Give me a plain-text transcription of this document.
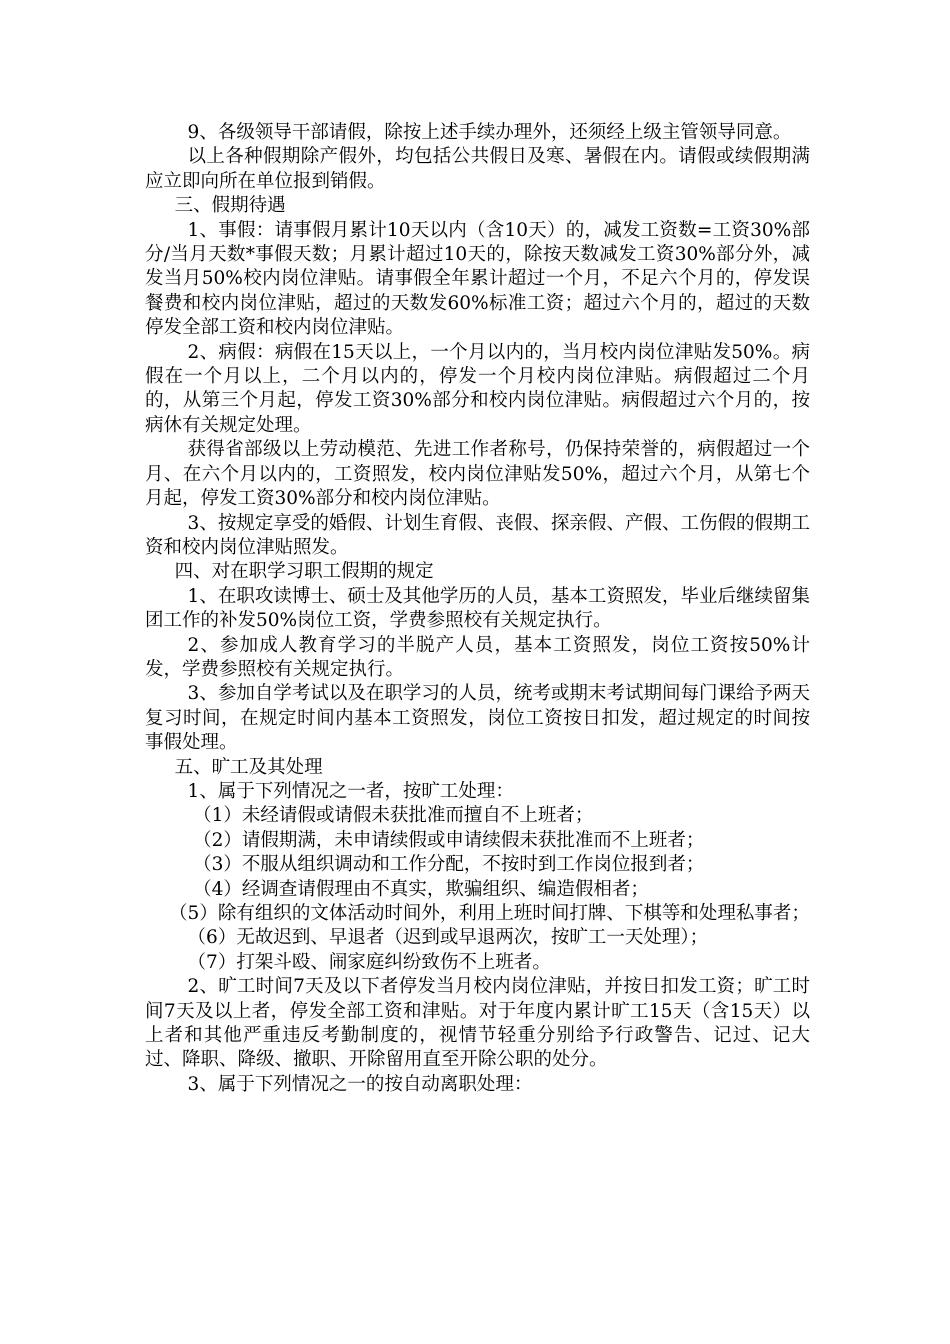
9、各级领导干部请假，除按上述手续办理外，还须经上级主管领导同意。

以上各种假期除产假外，均包括公共假日及寒、暑假在内。请假或续假期满应立即向所在单位报到销假。

三、假期待遇

1、事假：请事假月累计10天以内（含10天）的，减发工资数=工资30%部分/当月天数*事假天数；月累计超过10天的，除按天数减发工资30%部分外，减发当月50%校内岗位津贴。请事假全年累计超过一个月，不足六个月的，停发误餐费和校内岗位津贴，超过的天数发60%标准工资；超过六个月的，超过的天数停发全部工资和校内岗位津贴。

2、病假：病假在15天以上，一个月以内的，当月校内岗位津贴发50%。病假在一个月以上，二个月以内的，停发一个月校内岗位津贴。病假超过二个月的，从第三个月起，停发工资30%部分和校内岗位津贴。病假超过六个月的，按病休有关规定处理。

获得省部级以上劳动模范、先进工作者称号，仍保持荣誉的，病假超过一个月、在六个月以内的，工资照发，校内岗位津贴发50%，超过六个月，从第七个月起，停发工资30%部分和校内岗位津贴。

3、按规定享受的婚假、计划生育假、丧假、探亲假、产假、工伤假的假期工资和校内岗位津贴照发。

四、对在职学习职工假期的规定

1、在职攻读博士、硕士及其他学历的人员，基本工资照发，毕业后继续留集团工作的补发50%岗位工资，学费参照校有关规定执行。

2、参加成人教育学习的半脱产人员，基本工资照发，岗位工资按50%计发，学费参照校有关规定执行。

3、参加自学考试以及在职学习的人员，统考或期末考试期间每门课给予两天复习时间，在规定时间内基本工资照发，岗位工资按日扣发，超过规定的时间按事假处理。

五、旷工及其处理

1、属于下列情况之一者，按旷工处理：

（1）未经请假或请假未获批准而擅自不上班者；

（2）请假期满，未申请续假或申请续假未获批准而不上班者；

（3）不服从组织调动和工作分配，不按时到工作岗位报到者；

（4）经调查请假理由不真实，欺骗组织、编造假相者；

（5）除有组织的文体活动时间外，利用上班时间打牌、下棋等和处理私事者；

（6）无故迟到、早退者（迟到或早退两次，按旷工一天处理）；

（7）打架斗殴、闹家庭纠纷致伤不上班者。

2、旷工时间7天及以下者停发当月校内岗位津贴，并按日扣发工资；旷工时间7天及以上者，停发全部工资和津贴。对于年度内累计旷工15天（含15天）以上者和其他严重违反考勤制度的，视情节轻重分别给予行政警告、记过、记大过、降职、降级、撤职、开除留用直至开除公职的处分。

3、属于下列情况之一的按自动离职处理：
